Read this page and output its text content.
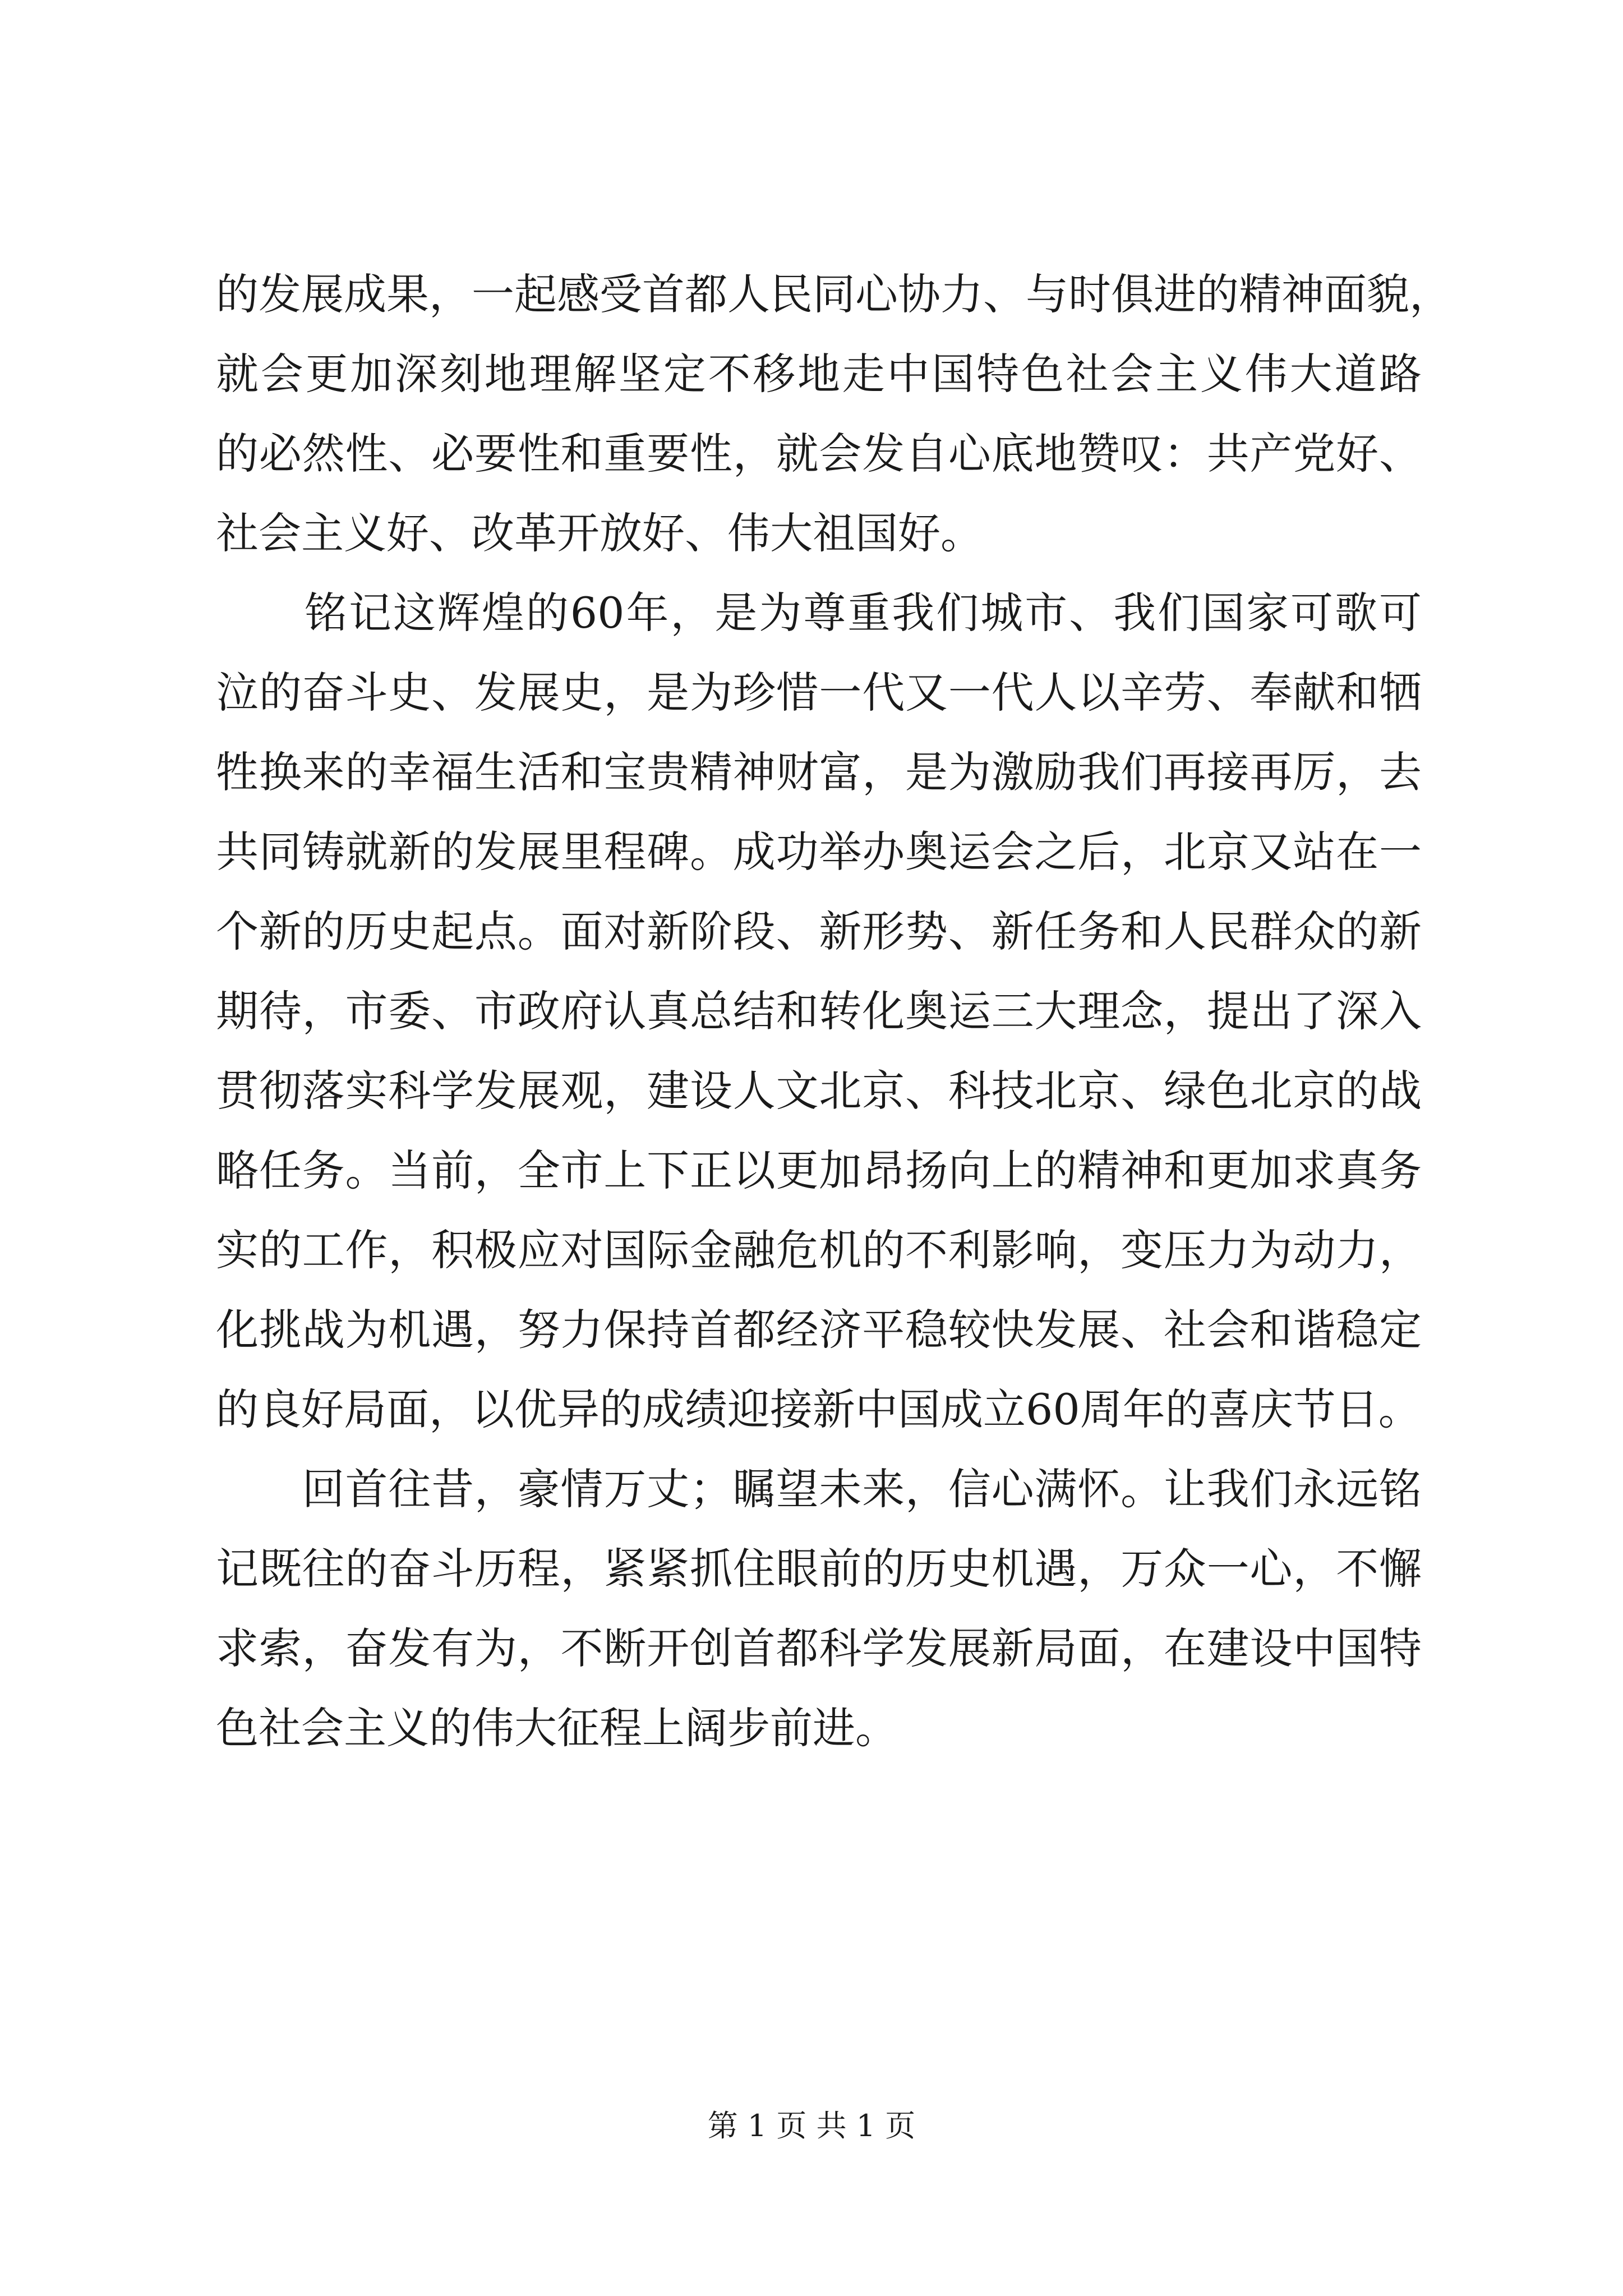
的发展成果，一起感受首都人民同心协力、与时俱进的精神面貌，

就会更加深刻地理解坚定不移地走中国特色社会主义伟大道路

的必然性、必要性和重要性，就会发自心底地赞叹：共产党好、

社会主义好、改革开放好、伟大祖国好。

　　铭记这辉煌的60年，是为尊重我们城市、我们国家可歌可

泣的奋斗史、发展史，是为珍惜一代又一代人以辛劳、奉献和牺

牲换来的幸福生活和宝贵精神财富，是为激励我们再接再厉，去

共同铸就新的发展里程碑。成功举办奥运会之后，北京又站在一

个新的历史起点。面对新阶段、新形势、新任务和人民群众的新

期待，市委、市政府认真总结和转化奥运三大理念，提出了深入

贯彻落实科学发展观，建设人文北京、科技北京、绿色北京的战

略任务。当前，全市上下正以更加昂扬向上的精神和更加求真务

实的工作，积极应对国际金融危机的不利影响，变压力为动力，

化挑战为机遇，努力保持首都经济平稳较快发展、社会和谐稳定

的良好局面，以优异的成绩迎接新中国成立60周年的喜庆节日。

　　回首往昔，豪情万丈；瞩望未来，信心满怀。让我们永远铭

记既往的奋斗历程，紧紧抓住眼前的历史机遇，万众一心，不懈

求索，奋发有为，不断开创首都科学发展新局面，在建设中国特

色社会主义的伟大征程上阔步前进。

第 1 页 共 1 页
